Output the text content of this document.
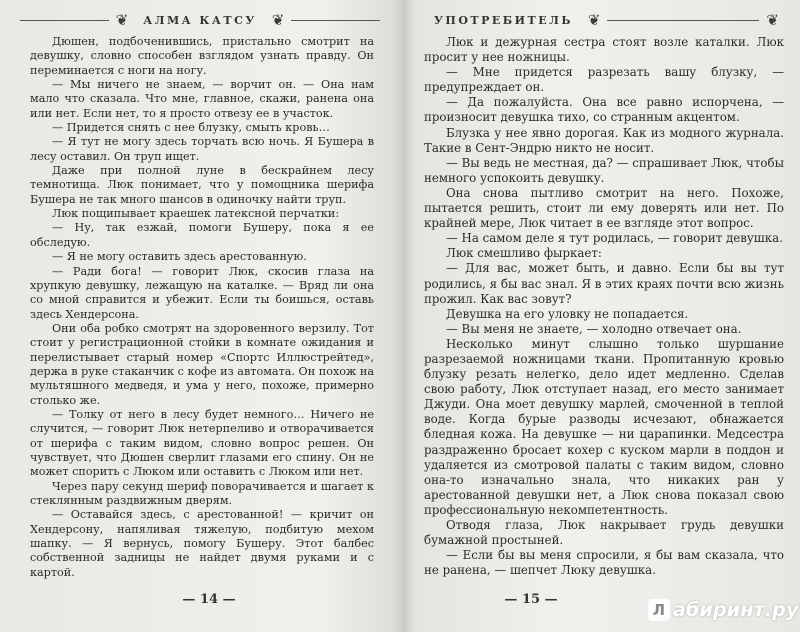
❦ АЛМА КАТСУ ❦

Дюшен, подбоченившись, пристально смотрит на девушку, словно способен взглядом узнать правду. Он переминается с ноги на ногу.

— Мы ничего не знаем, — ворчит он. — Она нам мало что сказала. Что мне, главное, скажи, ранена она или нет. Если нет, то я просто отвезу ее в участок.

— Придется снять с нее блузку, смыть кровь…

— Я тут не могу здесь торчать всю ночь. Я Бушера в лесу оставил. Он труп ищет.

Даже при полной луне в бескрайнем лесу темнотища. Люк понимает, что у помощника шерифа Бушера не так много шансов в одиночку найти труп.

Люк пощипывает краешек латексной перчатки:

— Ну, так езжай, помоги Бушеру, пока я ее обследую.

— Я не могу оставить здесь арестованную.

— Ради бога! — говорит Люк, скосив глаза на хрупкую девушку, лежащую на каталке. — Вряд ли она со мной справится и убежит. Если ты боишься, оставь здесь Хендерсона.

Они оба робко смотрят на здоровенного верзилу. Тот стоит у регистрационной стойки в комнате ожидания и перелистывает старый номер «Спортс Иллюстрейтед», держа в руке стаканчик с кофе из автомата. Он похож на мультяшного медведя, и ума у него, похоже, примерно столько же.

— Толку от него в лесу будет немного… Ничего не случится, — говорит Люк нетерпеливо и отворачивается от шерифа с таким видом, словно вопрос решен. Он чувствует, что Дюшен сверлит глазами его спину. Он не может спорить с Люком или оставить с Люком или нет.

Через пару секунд шериф поворачивается и шагает к стеклянным раздвижным дверям.

— Оставайся здесь, с арестованной! — кричит он Хендерсону, напяливая тяжелую, подбитую мехом шапку. — Я вернусь, помогу Бушеру. Этот балбес собственной задницы не найдет двумя руками и с картой.

— 14 —
УПОТРЕБИТЕЛЬ ❦	❦

Люк и дежурная сестра стоят возле каталки. Люк просит у нее ножницы.

— Мне придется разрезать вашу блузку, — предупреждает он.

— Да пожалуйста. Она все равно испорчена, — произносит девушка тихо, со странным акцентом.

Блузка у нее явно дорогая. Как из модного журнала. Такие в Сент-Эндрю никто не носит.

— Вы ведь не местная, да? — спрашивает Люк, чтобы немного успокоить девушку.

Она снова пытливо смотрит на него. Похоже, пытается решить, стоит ли ему доверять или нет. По крайней мере, Люк читает в ее взгляде этот вопрос.

— На самом деле я тут родилась, — говорит девушка.

Люк смешливо фыркает:

— Для вас, может быть, и давно. Если бы вы тут родились, я бы вас знал. Я в этих краях почти всю жизнь прожил. Как вас зовут?

Девушка на его уловку не попадается.

— Вы меня не знаете, — холодно отвечает она.

Несколько минут слышно только шуршание разрезаемой ножницами ткани. Пропитанную кровью блузку резать нелегко, дело идет медленно. Сделав свою работу, Люк отступает назад, его место занимает Джуди. Она моет девушку марлей, смоченной в теплой воде. Когда бурые разводы исчезают, обнажается бледная кожа. На девушке — ни царапинки. Медсестра раздраженно бросает кохер с куском марли в поддон и удаляется из смотровой палаты с таким видом, словно она-то изначально знала, что никаких ран у арестованной девушки нет, а Люк снова показал свою профессиональную некомпетентность.

Отводя глаза, Люк накрывает грудь девушки бумажной простыней.

— Если бы вы меня спросили, я бы вам сказала, что не ранена, — шепчет Люку девушка.

— 15 —
Л абиринт.ру
